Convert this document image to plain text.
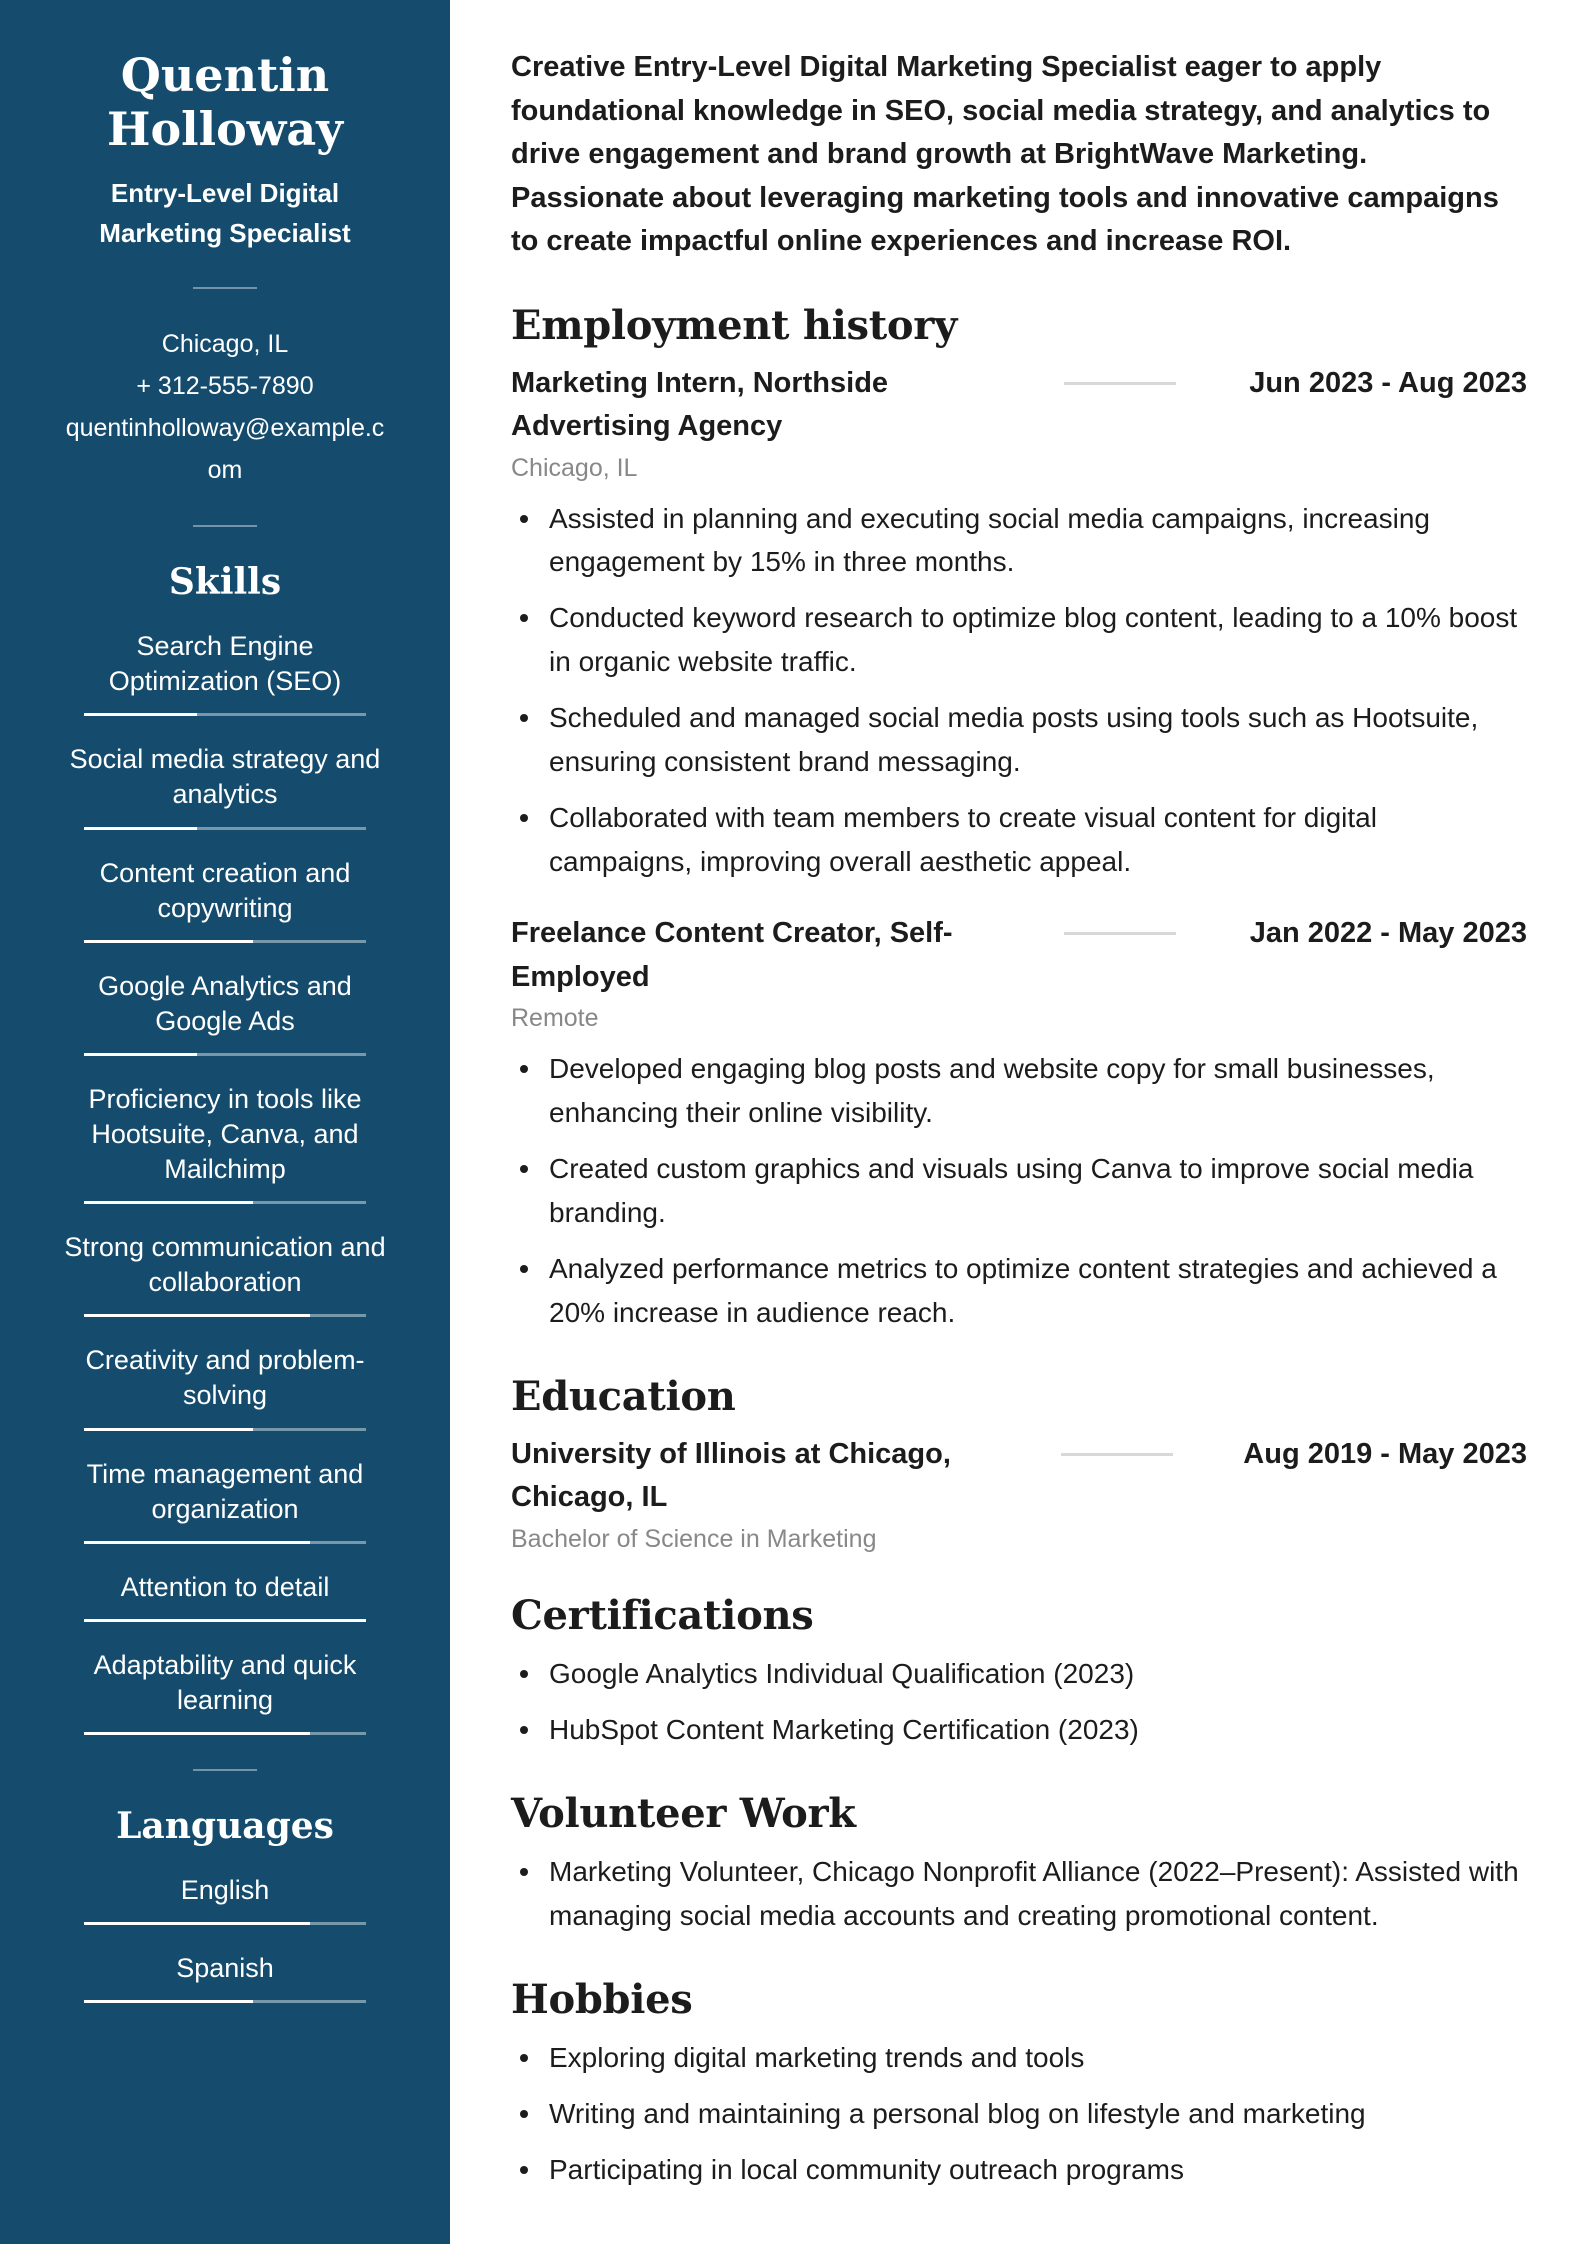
Quentin Holloway
Entry-Level Digital Marketing Specialist
Chicago, IL
+ 312-555-7890
quentinholloway@example.com
Skills
Search Engine Optimization (SEO)
Social media strategy and analytics
Content creation and copywriting
Google Analytics and Google Ads
Proficiency in tools like Hootsuite, Canva, and Mailchimp
Strong communication and collaboration
Creativity and problem-solving
Time management and organization
Attention to detail
Adaptability and quick learning
Languages
English
Spanish

Creative Entry-Level Digital Marketing Specialist eager to apply foundational knowledge in SEO, social media strategy, and analytics to drive engagement and brand growth at BrightWave Marketing. Passionate about leveraging marketing tools and innovative campaigns to create impactful online experiences and increase ROI.

Employment history
Marketing Intern, Northside Advertising Agency
Jun 2023 - Aug 2023
Chicago, IL
Assisted in planning and executing social media campaigns, increasing engagement by 15% in three months.
Conducted keyword research to optimize blog content, leading to a 10% boost in organic website traffic.
Scheduled and managed social media posts using tools such as Hootsuite, ensuring consistent brand messaging.
Collaborated with team members to create visual content for digital campaigns, improving overall aesthetic appeal.
Freelance Content Creator, Self-Employed
Jan 2022 - May 2023
Remote
Developed engaging blog posts and website copy for small businesses, enhancing their online visibility.
Created custom graphics and visuals using Canva to improve social media branding.
Analyzed performance metrics to optimize content strategies and achieved a 20% increase in audience reach.
Education
University of Illinois at Chicago, Chicago, IL
Aug 2019 - May 2023
Bachelor of Science in Marketing
Certifications
Google Analytics Individual Qualification (2023)
HubSpot Content Marketing Certification (2023)
Volunteer Work
Marketing Volunteer, Chicago Nonprofit Alliance (2022–Present): Assisted with managing social media accounts and creating promotional content.
Hobbies
Exploring digital marketing trends and tools
Writing and maintaining a personal blog on lifestyle and marketing
Participating in local community outreach programs
